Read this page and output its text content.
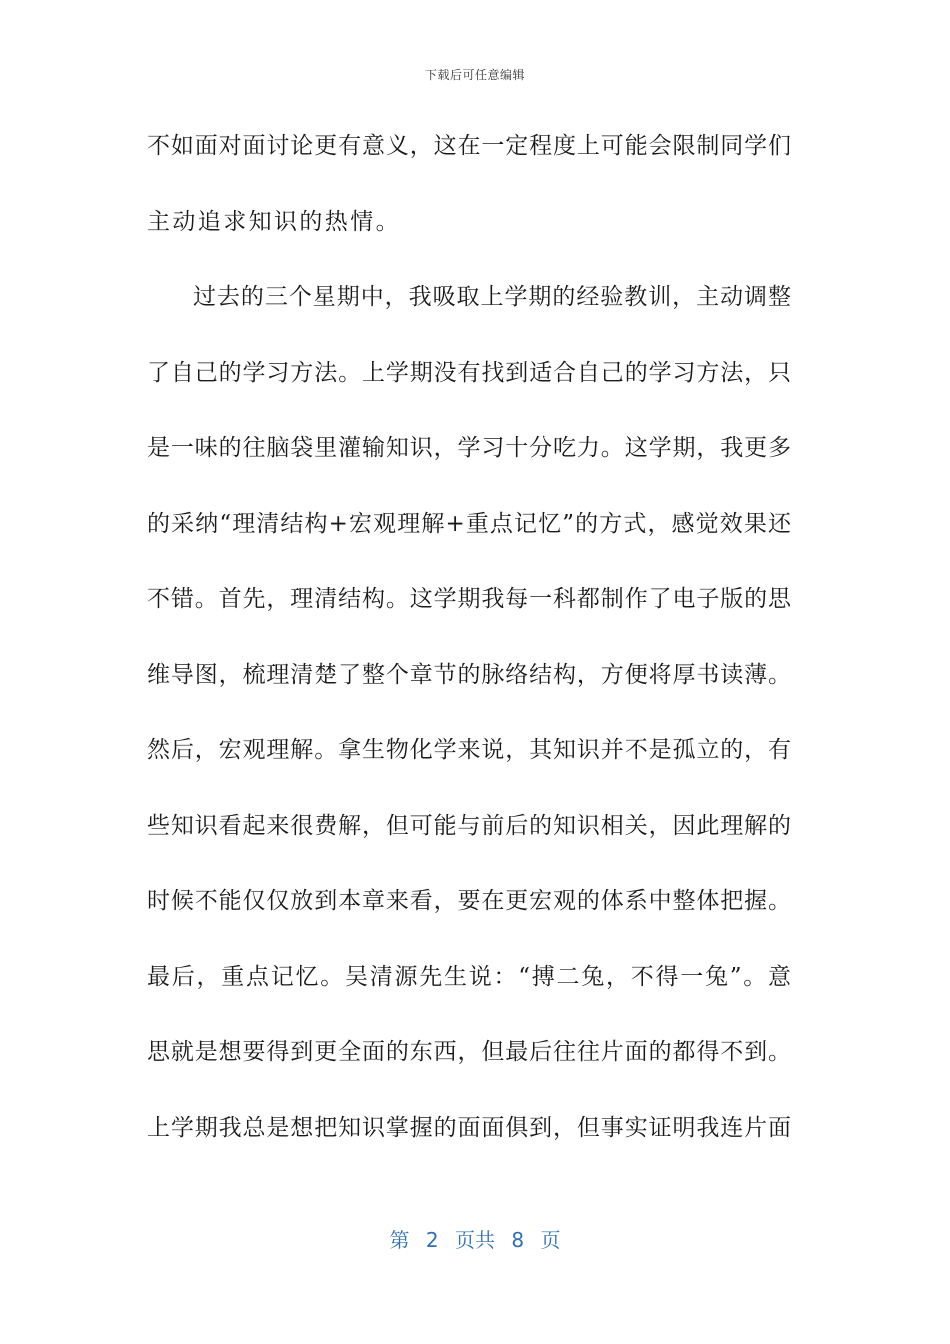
下载后可任意编辑
不如面对面讨论更有意义，这在一定程度上可能会限制同学们
主动追求知识的热情。
过去的三个星期中，我吸取上学期的经验教训，主动调整
了自己的学习方法。上学期没有找到适合自己的学习方法，只
是一味的往脑袋里灌输知识，学习十分吃力。这学期，我更多
的采纳“理清结构+宏观理解+重点记忆”的方式，感觉效果还
不错。首先，理清结构。这学期我每一科都制作了电子版的思
维导图，梳理清楚了整个章节的脉络结构，方便将厚书读薄。
然后，宏观理解。拿生物化学来说，其知识并不是孤立的，有
些知识看起来很费解，但可能与前后的知识相关，因此理解的
时候不能仅仅放到本章来看，要在更宏观的体系中整体把握。
最后，重点记忆。吴清源先生说：“搏二兔，不得一兔”。意
思就是想要得到更全面的东西，但最后往往片面的都得不到。
上学期我总是想把知识掌握的面面俱到，但事实证明我连片面
第 2 页共 8 页
